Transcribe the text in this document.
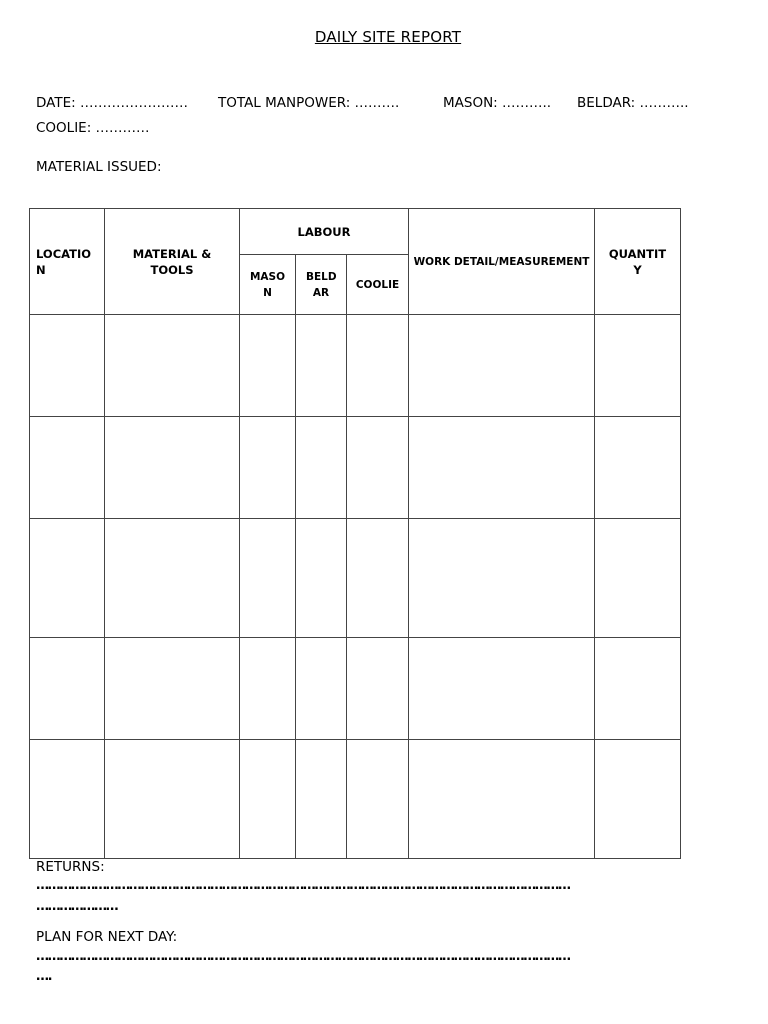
DAILY SITE REPORT
DATE: …………………… TOTAL MANPOWER: ……….	MASON: ……….. BELDAR: ………..
COOLIE: …………
MATERIAL ISSUED:
LOCATIO N	MATERIAL & TOOLS	LABOUR			WORK DETAIL/MEASUREMENT	QUANTIT Y
		MASO N	BELD AR	COOLIE		

RETURNS:
…………………………………………………………………………………………………………………………
…………………
PLAN FOR NEXT DAY:
…………………………………………………………………………………………………………………………
….
